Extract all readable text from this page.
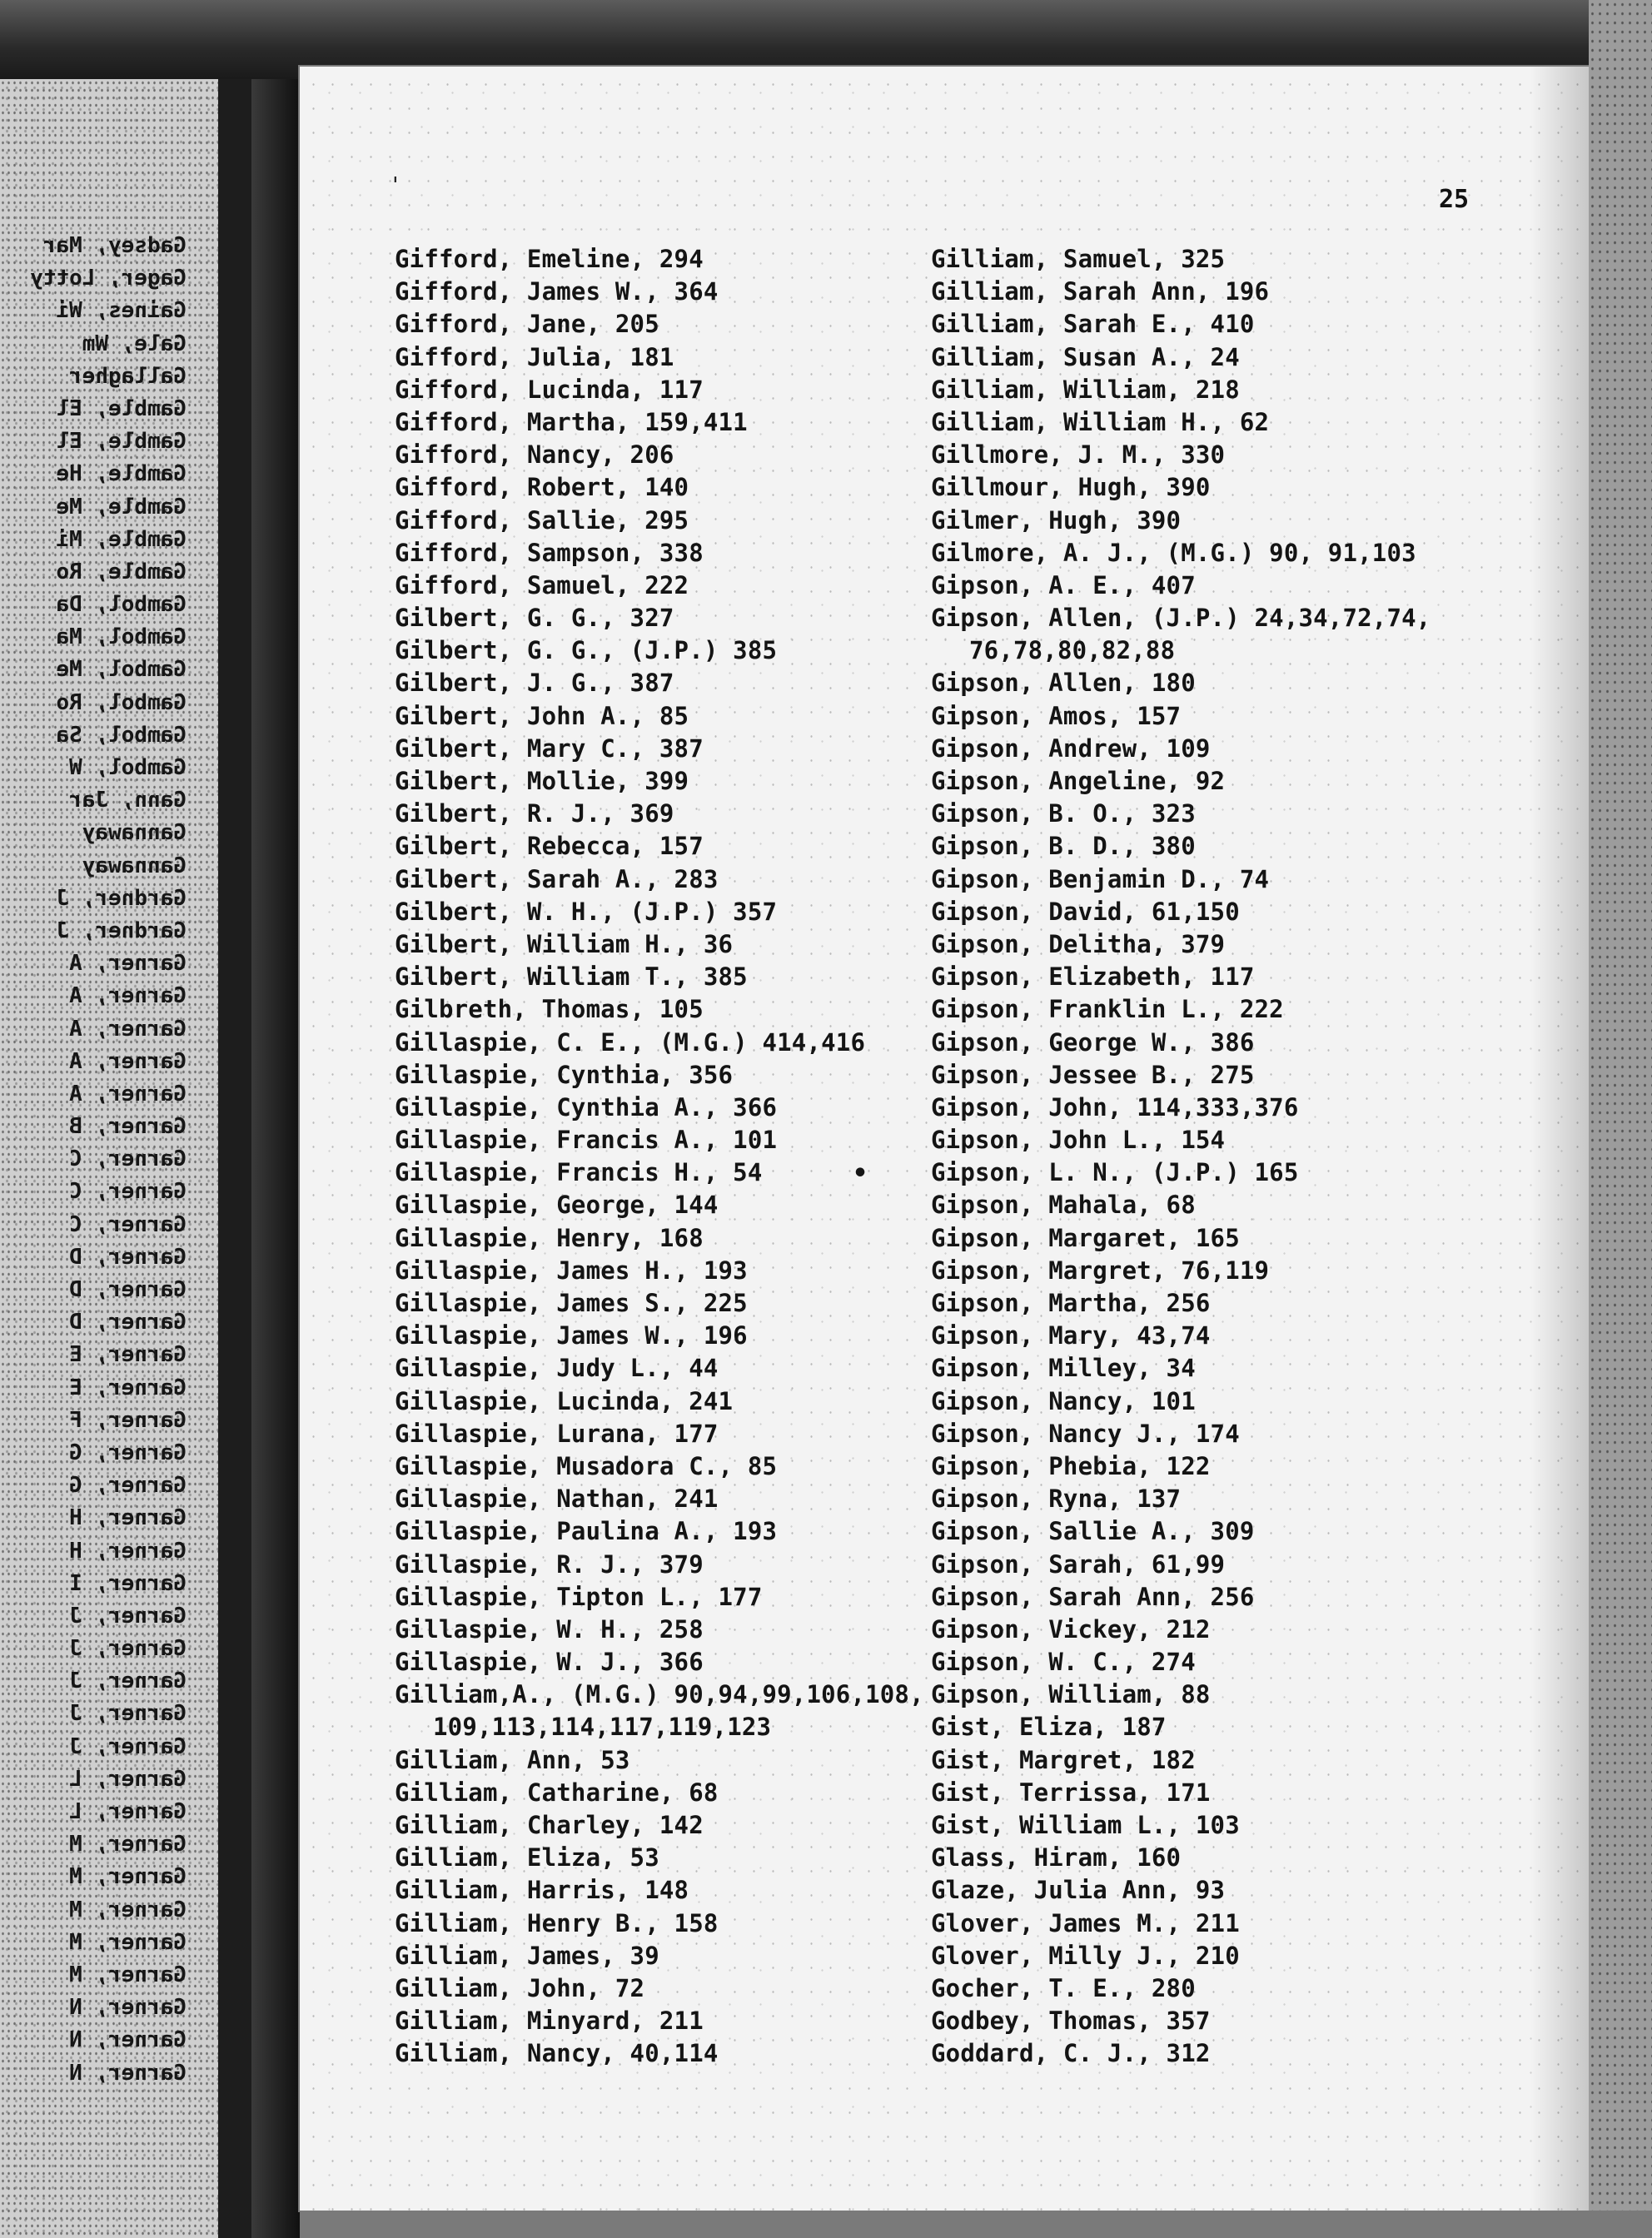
Gadsey, Mar
Gager, Lotty
Gaines, Wi
Gale, Wm
Gallagher
Gamble, El
Gamble, El
Gamble, He
Gamble, Me
Gamble, Mi
Gamble, Ro
Gambol, Da
Gambol, Ma
Gambol, Me
Gambol, Ro
Gambol, Sa
Gambol, W
Gann, Jar
Gannaway
Gannaway
Gardner, J
Gardner, J
Garner, A
Garner, A
Garner, A
Garner, A
Garner, A
Garner, B
Garner, C
Garner, C
Garner, C
Garner, D
Garner, D
Garner, D
Garner, E
Garner, E
Garner, F
Garner, G
Garner, G
Garner, H
Garner, H
Garner, I
Garner, J
Garner, J
Garner, J
Garner, J
Garner, J
Garner, L
Garner, L
Garner, M
Garner, M
Garner, M
Garner, M
Garner, M
Garner, N
Garner, N
Garner, N
'	25
•
Gifford, Emeline, 294
Gifford, James W., 364
Gifford, Jane, 205
Gifford, Julia, 181
Gifford, Lucinda, 117
Gifford, Martha, 159,411
Gifford, Nancy, 206
Gifford, Robert, 140
Gifford, Sallie, 295
Gifford, Sampson, 338
Gifford, Samuel, 222
Gilbert, G. G., 327
Gilbert, G. G., (J.P.) 385
Gilbert, J. G., 387
Gilbert, John A., 85
Gilbert, Mary C., 387
Gilbert, Mollie, 399
Gilbert, R. J., 369
Gilbert, Rebecca, 157
Gilbert, Sarah A., 283
Gilbert, W. H., (J.P.) 357
Gilbert, William H., 36
Gilbert, William T., 385
Gilbreth, Thomas, 105
Gillaspie, C. E., (M.G.) 414,416
Gillaspie, Cynthia, 356
Gillaspie, Cynthia A., 366
Gillaspie, Francis A., 101
Gillaspie, Francis H., 54
Gillaspie, George, 144
Gillaspie, Henry, 168
Gillaspie, James H., 193
Gillaspie, James S., 225
Gillaspie, James W., 196
Gillaspie, Judy L., 44
Gillaspie, Lucinda, 241
Gillaspie, Lurana, 177
Gillaspie, Musadora C., 85
Gillaspie, Nathan, 241
Gillaspie, Paulina A., 193
Gillaspie, R. J., 379
Gillaspie, Tipton L., 177
Gillaspie, W. H., 258
Gillaspie, W. J., 366
Gilliam,A., (M.G.) 90,94,99,106,108,
109,113,114,117,119,123
Gilliam, Ann, 53
Gilliam, Catharine, 68
Gilliam, Charley, 142
Gilliam, Eliza, 53
Gilliam, Harris, 148
Gilliam, Henry B., 158
Gilliam, James, 39
Gilliam, John, 72
Gilliam, Minyard, 211
Gilliam, Nancy, 40,114
Gilliam, Samuel, 325
Gilliam, Sarah Ann, 196
Gilliam, Sarah E., 410
Gilliam, Susan A., 24
Gilliam, William, 218
Gilliam, William H., 62
Gillmore, J. M., 330
Gillmour, Hugh, 390
Gilmer, Hugh, 390
Gilmore, A. J., (M.G.) 90, 91,103
Gipson, A. E., 407
Gipson, Allen, (J.P.) 24,34,72,74,
76,78,80,82,88
Gipson, Allen, 180
Gipson, Amos, 157
Gipson, Andrew, 109
Gipson, Angeline, 92
Gipson, B. O., 323
Gipson, B. D., 380
Gipson, Benjamin D., 74
Gipson, David, 61,150
Gipson, Delitha, 379
Gipson, Elizabeth, 117
Gipson, Franklin L., 222
Gipson, George W., 386
Gipson, Jessee B., 275
Gipson, John, 114,333,376
Gipson, John L., 154
Gipson, L. N., (J.P.) 165
Gipson, Mahala, 68
Gipson, Margaret, 165
Gipson, Margret, 76,119
Gipson, Martha, 256
Gipson, Mary, 43,74
Gipson, Milley, 34
Gipson, Nancy, 101
Gipson, Nancy J., 174
Gipson, Phebia, 122
Gipson, Ryna, 137
Gipson, Sallie A., 309
Gipson, Sarah, 61,99
Gipson, Sarah Ann, 256
Gipson, Vickey, 212
Gipson, W. C., 274
Gipson, William, 88
Gist, Eliza, 187
Gist, Margret, 182
Gist, Terrissa, 171
Gist, William L., 103
Glass, Hiram, 160
Glaze, Julia Ann, 93
Glover, James M., 211
Glover, Milly J., 210
Gocher, T. E., 280
Godbey, Thomas, 357
Goddard, C. J., 312
